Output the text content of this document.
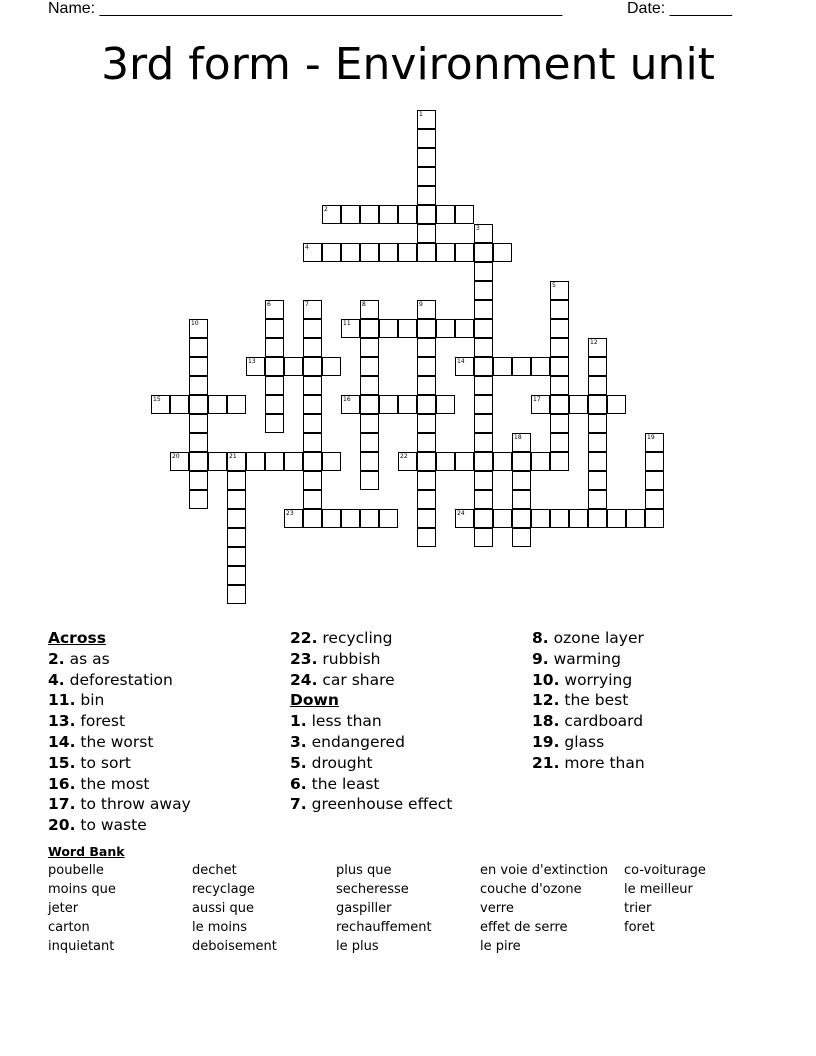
Name: ____________________________________________________	Date: _______
3rd form - Environment unit
1
2
3
4
5
6	7	8	9
10	11
12
13	14
15	16	17
18	19
20	21	22
23	24
Across
2. as as
4. deforestation
11. bin
13. forest
14. the worst
15. to sort
16. the most
17. to throw away
20. to waste
22. recycling
23. rubbish
24. car share
Down
1. less than
3. endangered
5. drought
6. the least
7. greenhouse effect
8. ozone layer
9. warming
10. worrying
12. the best
18. cardboard
19. glass
21. more than
Word Bank
poubelle
moins que
jeter
carton
inquietant
dechet
recyclage
aussi que
le moins
deboisement
plus que
secheresse
gaspiller
rechauffement
le plus
en voie d'extinction
couche d'ozone
verre
effet de serre
le pire
co-voiturage
le meilleur
trier
foret
